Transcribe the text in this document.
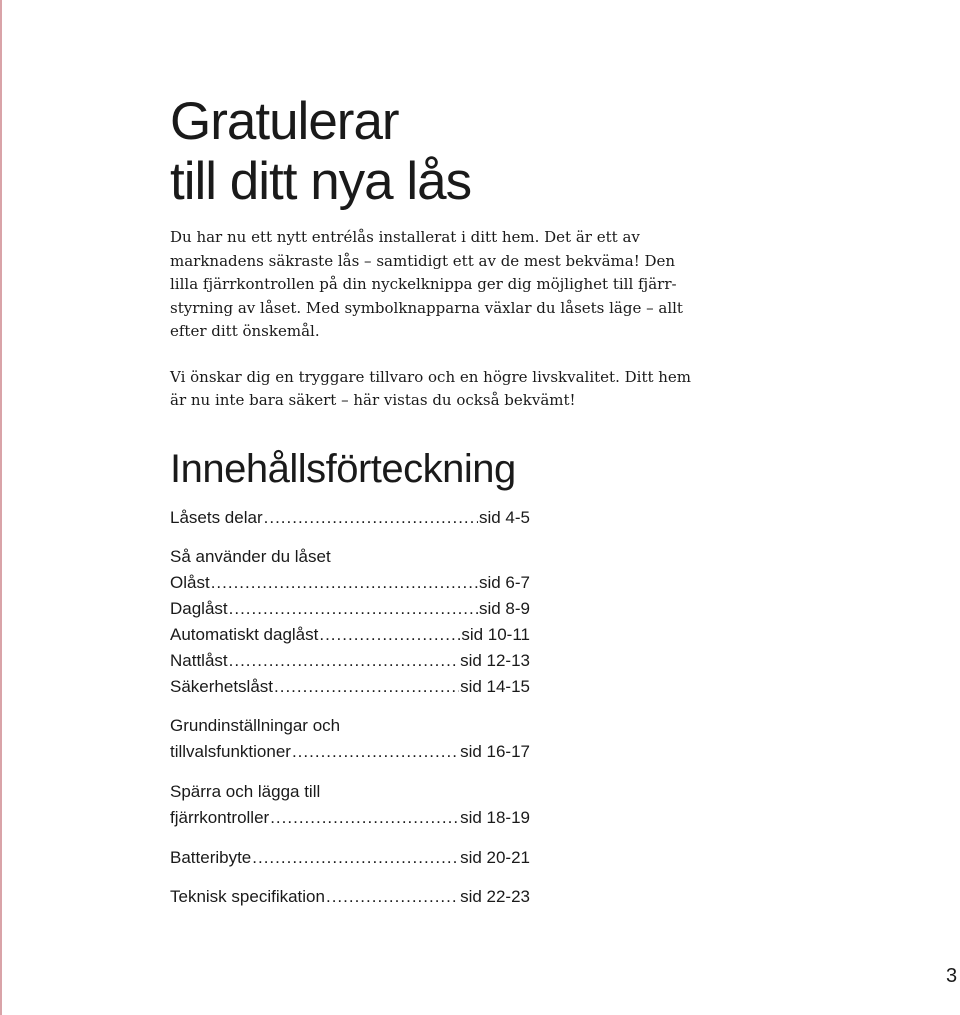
Gratulerar
till ditt nya lås

Du har nu ett nytt entrélås installerat i ditt hem. Det är ett av
marknadens säkraste lås – samtidigt ett av de mest bekväma! Den
lilla fjärrkontrollen på din nyckelknippa ger dig möjlighet till fjärr-
styrning av låset. Med symbolknapparna växlar du låsets läge – allt
efter ditt önskemål.

Vi önskar dig en tryggare tillvaro och en högre livskvalitet. Ditt hem
är nu inte bara säkert – här vistas du också bekvämt!

Innehållsförteckning
Låsets delar .....	sid 4-5
Så använder du låset
Olåst .....	sid 6-7
Daglåst .....	sid 8-9
Automatiskt daglåst .....	sid 10-11
Nattlåst .....	sid 12-13
Säkerhetslåst .....	sid 14-15
Grundinställningar och
tillvalsfunktioner .....	sid 16-17
Spärra och lägga till
fjärrkontroller .....	sid 18-19
Batteribyte .....	sid 20-21
Teknisk specifikation .....	sid 22-23
3
